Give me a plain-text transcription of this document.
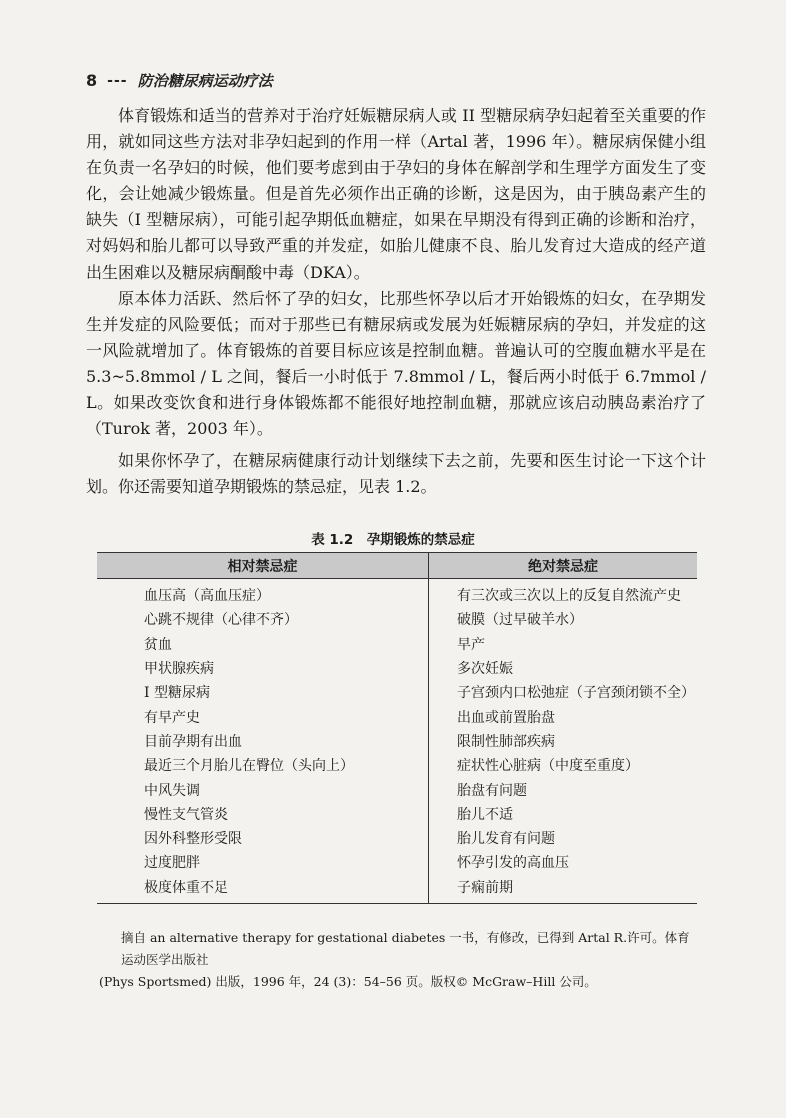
8 --- 防治糖尿病运动疗法

体育锻炼和适当的营养对于治疗妊娠糖尿病人或 II 型糖尿病孕妇起着至关重要的作用，就如同这些方法对非孕妇起到的作用一样（Artal 著，1996 年）。糖尿病保健小组在负责一名孕妇的时候，他们要考虑到由于孕妇的身体在解剖学和生理学方面发生了变化，会让她减少锻炼量。但是首先必须作出正确的诊断，这是因为，由于胰岛素产生的缺失（I 型糖尿病），可能引起孕期低血糖症，如果在早期没有得到正确的诊断和治疗，对妈妈和胎儿都可以导致严重的并发症，如胎儿健康不良、胎儿发育过大造成的经产道出生困难以及糖尿病酮酸中毒（DKA）。

原本体力活跃、然后怀了孕的妇女，比那些怀孕以后才开始锻炼的妇女，在孕期发生并发症的风险要低；而对于那些已有糖尿病或发展为妊娠糖尿病的孕妇，并发症的这一风险就增加了。体育锻炼的首要目标应该是控制血糖。普遍认可的空腹血糖水平是在 5.3~5.8mmol / L 之间，餐后一小时低于 7.8mmol / L，餐后两小时低于 6.7mmol / L。如果改变饮食和进行身体锻炼都不能很好地控制血糖，那就应该启动胰岛素治疗了（Turok 著，2003 年）。

如果你怀孕了，在糖尿病健康行动计划继续下去之前，先要和医生讨论一下这个计划。你还需要知道孕期锻炼的禁忌症，见表 1.2。

表 1.2　孕期锻炼的禁忌症
相对禁忌症	绝对禁忌症
血压高（高血压症）	有三次或三次以上的反复自然流产史
心跳不规律（心律不齐）	破膜（过早破羊水）
贫血	早产
甲状腺疾病	多次妊娠
I 型糖尿病	子宫颈内口松弛症（子宫颈闭锁不全）
有早产史	出血或前置胎盘
目前孕期有出血	限制性肺部疾病
最近三个月胎儿在臀位（头向上）	症状性心脏病（中度至重度）
中风失调	胎盘有问题
慢性支气管炎	胎儿不适
因外科整形受限	胎儿发育有问题
过度肥胖	怀孕引发的高血压
极度体重不足	子痫前期
摘自 an alternative therapy for gestational diabetes 一书，有修改，已得到 Artal R.许可。体育运动医学出版社
(Phys Sportsmed) 出版，1996 年，24 (3)：54–56 页。版权© McGraw–Hill 公司。
